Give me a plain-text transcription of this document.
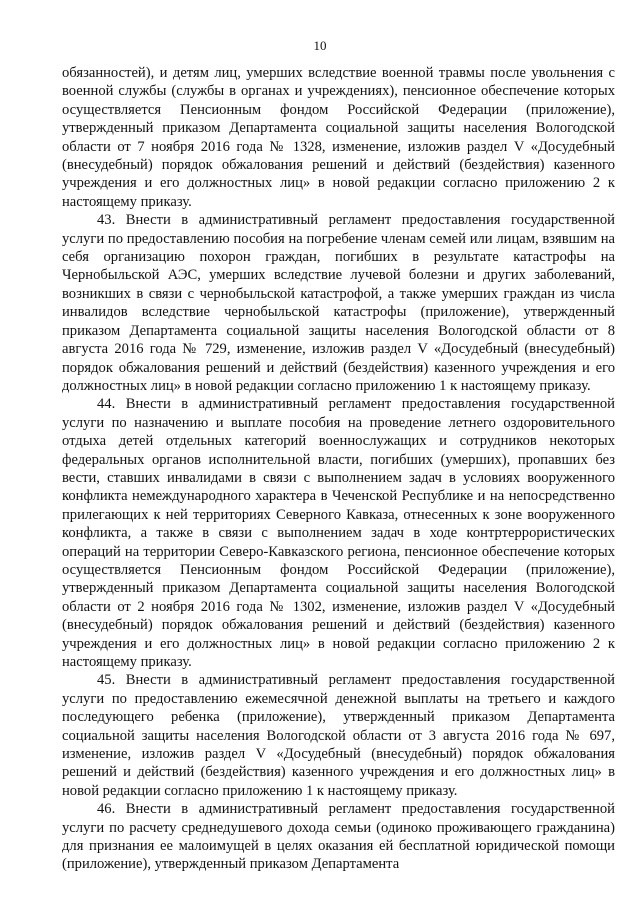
10

обязанностей), и детям лиц, умерших вследствие военной травмы после увольнения с военной службы (службы в органах и учреждениях), пенсионное обеспечение которых осуществляется Пенсионным фондом Российской Федерации (приложение), утвержденный приказом Департамента социальной защиты населения Вологодской области от 7 ноября 2016 года № 1328, изменение, изложив раздел V «Досудебный (внесудебный) порядок обжалования решений и действий (бездействия) казенного учреждения и его должностных лиц» в новой редакции согласно приложению 2 к настоящему приказу.

43. Внести в административный регламент предоставления государственной услуги по предоставлению пособия на погребение членам семей или лицам, взявшим на себя организацию похорон граждан, погибших в результате катастрофы на Чернобыльской АЭС, умерших вследствие лучевой болезни и других заболеваний, возникших в связи с чернобыльской катастрофой, а также умерших граждан из числа инвалидов вследствие чернобыльской катастрофы (приложение), утвержденный приказом Департамента социальной защиты населения Вологодской области от 8 августа 2016 года № 729, изменение, изложив раздел V «Досудебный (внесудебный) порядок обжалования решений и действий (бездействия) казенного учреждения и его должностных лиц» в новой редакции согласно приложению 1 к настоящему приказу.

44. Внести в административный регламент предоставления государственной услуги по назначению и выплате пособия на проведение летнего оздоровительного отдыха детей отдельных категорий военнослужащих и сотрудников некоторых федеральных органов исполнительной власти, погибших (умерших), пропавших без вести, ставших инвалидами в связи с выполнением задач в условиях вооруженного конфликта немеждународного характера в Чеченской Республике и на непосредственно прилегающих к ней территориях Северного Кавказа, отнесенных к зоне вооруженного конфликта, а также в связи с выполнением задач в ходе контртеррористических операций на территории Северо-Кавказского региона, пенсионное обеспечение которых осуществляется Пенсионным фондом Российской Федерации (приложение), утвержденный приказом Департамента социальной защиты населения Вологодской области от 2 ноября 2016 года № 1302, изменение, изложив раздел V «Досудебный (внесудебный) порядок обжалования решений и действий (бездействия) казенного учреждения и его должностных лиц» в новой редакции согласно приложению 2 к настоящему приказу.

45. Внести в административный регламент предоставления государственной услуги по предоставлению ежемесячной денежной выплаты на третьего и каждого последующего ребенка (приложение), утвержденный приказом Департамента социальной защиты населения Вологодской области от 3 августа 2016 года № 697, изменение, изложив раздел V «Досудебный (внесудебный) порядок обжалования решений и действий (бездействия) казенного учреждения и его должностных лиц» в новой редакции согласно приложению 1 к настоящему приказу.

46. Внести в административный регламент предоставления государственной услуги по расчету среднедушевого дохода семьи (одиноко проживающего гражданина) для признания ее малоимущей в целях оказания ей бесплатной юридической помощи (приложение), утвержденный приказом Департамента
